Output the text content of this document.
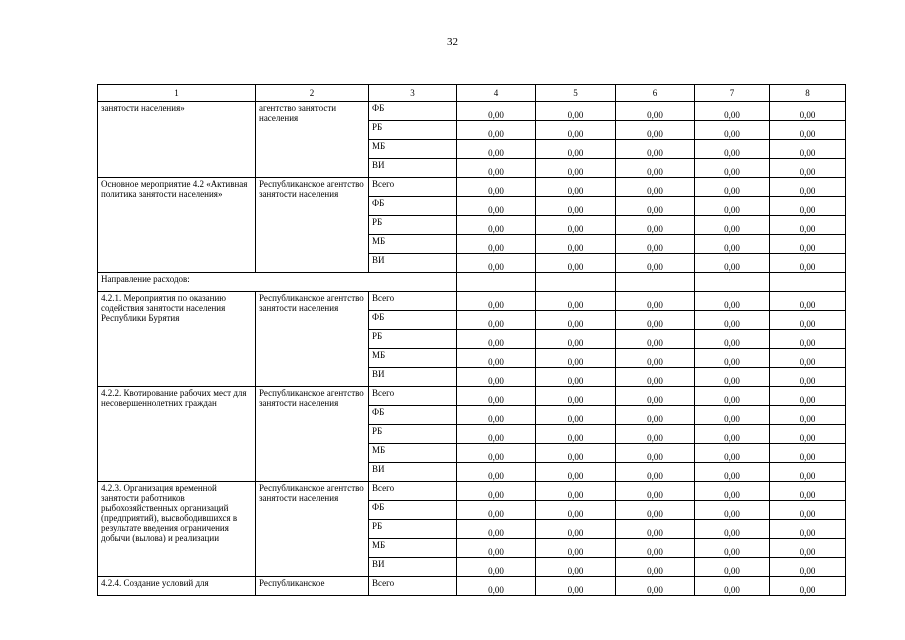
32
1	2	3	4	5	6	7	8
занятости населения»	агентство занятости населения	ФБ	0,00	0,00	0,00	0,00	0,00
		РБ	0,00	0,00	0,00	0,00	0,00
		МБ	0,00	0,00	0,00	0,00	0,00
		ВИ	0,00	0,00	0,00	0,00	0,00
Основное мероприятие 4.2 «Активная политика занятости населения»	Республиканское агентство занятости населения	Всего	0,00	0,00	0,00	0,00	0,00
		ФБ	0,00	0,00	0,00	0,00	0,00
		РБ	0,00	0,00	0,00	0,00	0,00
		МБ	0,00	0,00	0,00	0,00	0,00
		ВИ	0,00	0,00	0,00	0,00	0,00
Направление расходов:							
4.2.1. Мероприятия по оказанию содействия занятости населения Республики Бурятия	Республиканское агентство занятости населения	Всего	0,00	0,00	0,00	0,00	0,00
		ФБ	0,00	0,00	0,00	0,00	0,00
		РБ	0,00	0,00	0,00	0,00	0,00
		МБ	0,00	0,00	0,00	0,00	0,00
		ВИ	0,00	0,00	0,00	0,00	0,00
4.2.2. Квотирование рабочих мест для несовершеннолетних граждан	Республиканское агентство занятости населения	Всего	0,00	0,00	0,00	0,00	0,00
		ФБ	0,00	0,00	0,00	0,00	0,00
		РБ	0,00	0,00	0,00	0,00	0,00
		МБ	0,00	0,00	0,00	0,00	0,00
		ВИ	0,00	0,00	0,00	0,00	0,00
4.2.3. Организация временной занятости работников рыбохозяйственных организаций (предприятий), высвободившихся в результате введения ограничения добычи (вылова) и реализации	Республиканское агентство занятости населения	Всего	0,00	0,00	0,00	0,00	0,00
		ФБ	0,00	0,00	0,00	0,00	0,00
		РБ	0,00	0,00	0,00	0,00	0,00
		МБ	0,00	0,00	0,00	0,00	0,00
		ВИ	0,00	0,00	0,00	0,00	0,00
4.2.4. Создание условий для	Республиканское	Всего	0,00	0,00	0,00	0,00	0,00
